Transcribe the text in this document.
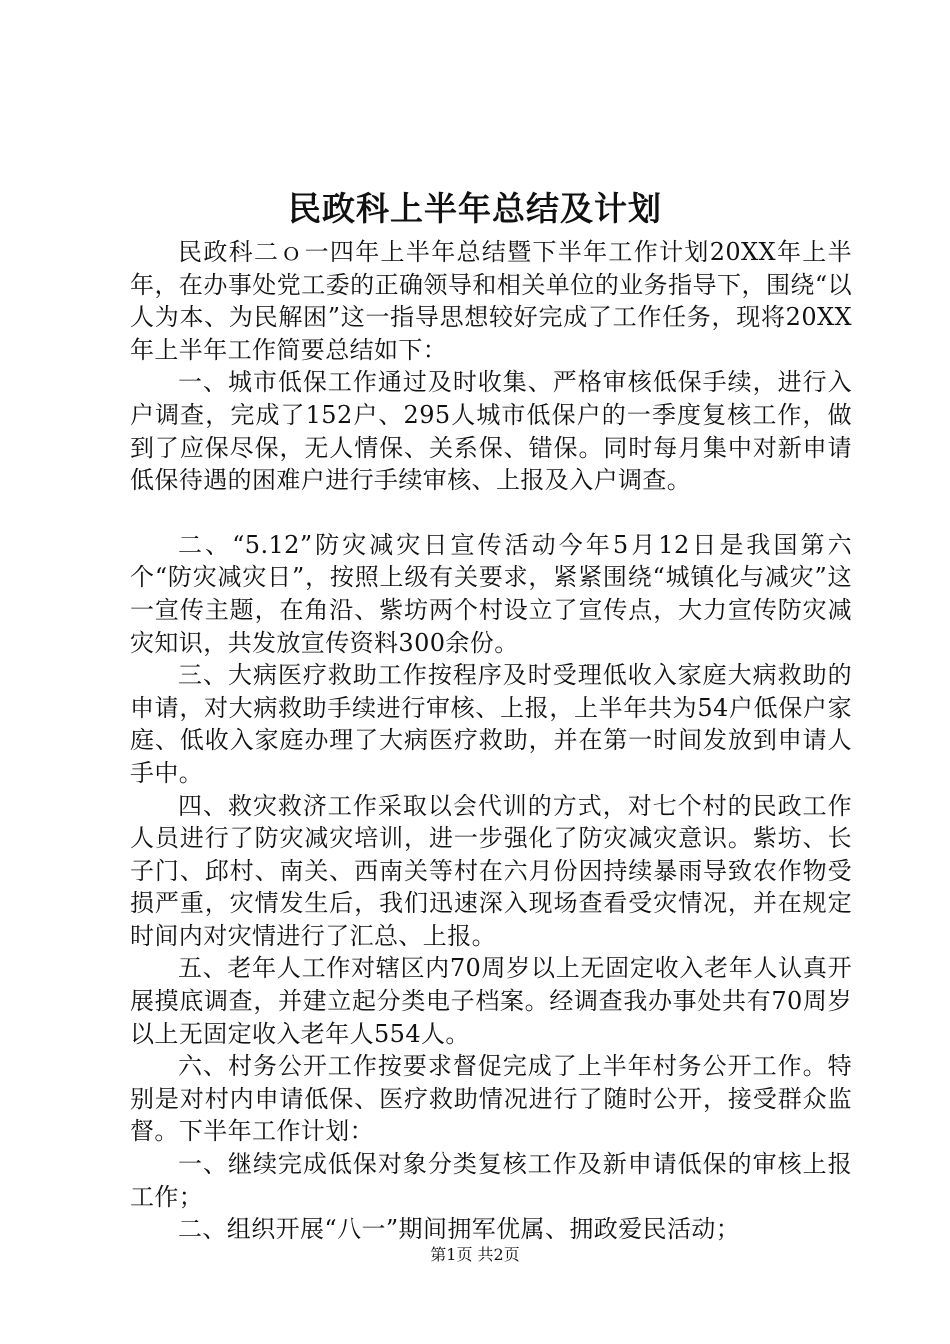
民政科上半年总结及计划

民政科二ｏ一四年上半年总结暨下半年工作计划20XX年上半年，在办事处党工委的正确领导和相关单位的业务指导下，围绕“以人为本、为民解困”这一指导思想较好完成了工作任务，现将20XX年上半年工作简要总结如下：

一、城市低保工作通过及时收集、严格审核低保手续，进行入户调查，完成了152户、295人城市低保户的一季度复核工作，做到了应保尽保，无人情保、关系保、错保。同时每月集中对新申请低保待遇的困难户进行手续审核、上报及入户调查。

二、“5.12”防灾减灾日宣传活动今年5月12日是我国第六个“防灾减灾日”，按照上级有关要求，紧紧围绕“城镇化与减灾”这一宣传主题，在角沿、紫坊两个村设立了宣传点，大力宣传防灾减灾知识，共发放宣传资料300余份。

三、大病医疗救助工作按程序及时受理低收入家庭大病救助的申请，对大病救助手续进行审核、上报，上半年共为54户低保户家庭、低收入家庭办理了大病医疗救助，并在第一时间发放到申请人手中。

四、救灾救济工作采取以会代训的方式，对七个村的民政工作人员进行了防灾减灾培训，进一步强化了防灾减灾意识。紫坊、长子门、邱村、南关、西南关等村在六月份因持续暴雨导致农作物受损严重，灾情发生后，我们迅速深入现场查看受灾情况，并在规定时间内对灾情进行了汇总、上报。

五、老年人工作对辖区内70周岁以上无固定收入老年人认真开展摸底调查，并建立起分类电子档案。经调查我办事处共有70周岁以上无固定收入老年人554人。

六、村务公开工作按要求督促完成了上半年村务公开工作。特别是对村内申请低保、医疗救助情况进行了随时公开，接受群众监督。下半年工作计划：

一、继续完成低保对象分类复核工作及新申请低保的审核上报工作；

二、组织开展“八一”期间拥军优属、拥政爱民活动；

第1页 共2页
